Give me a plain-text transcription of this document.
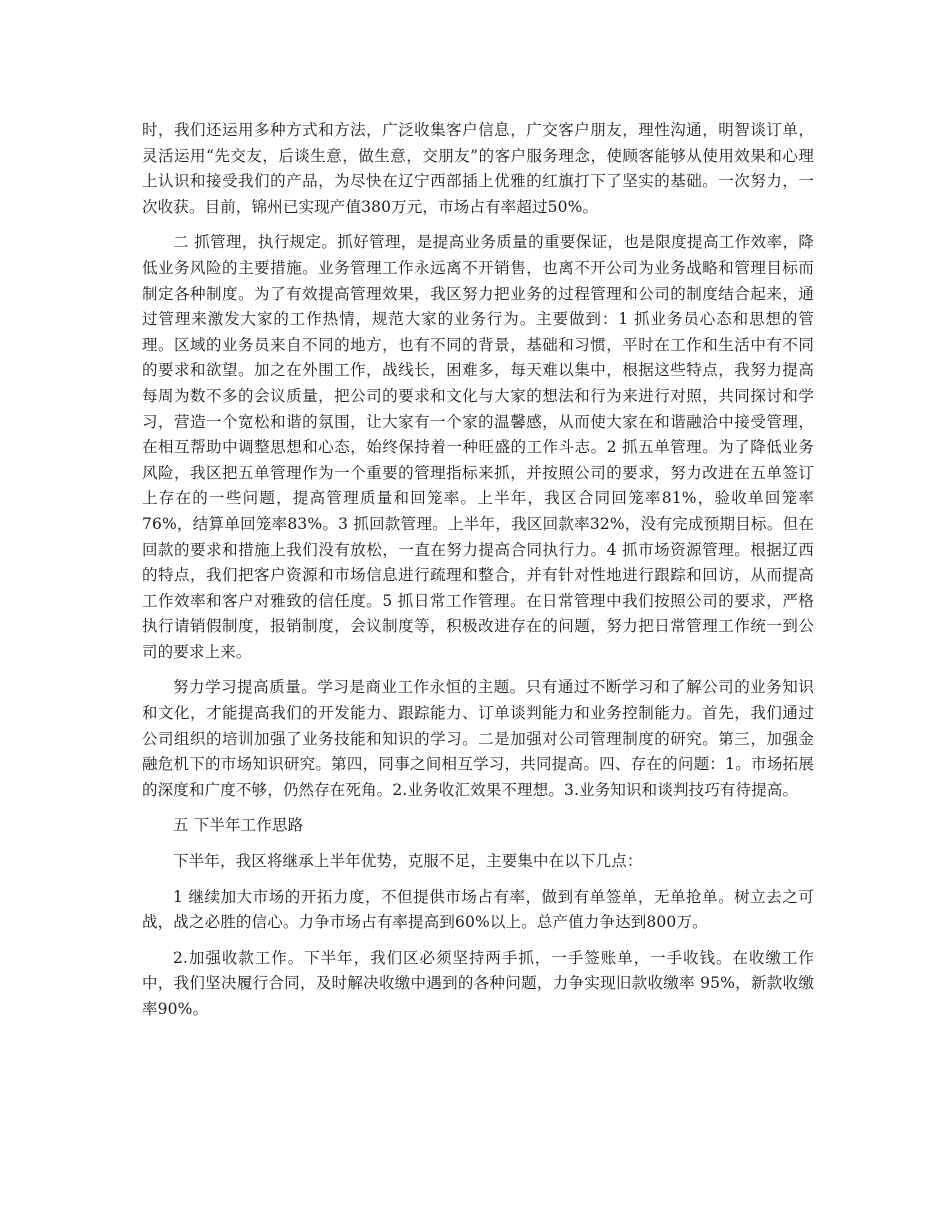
时，我们还运用多种方式和方法，广泛收集客户信息，广交客户朋友，理性沟通，明智谈订单，灵活运用“先交友，后谈生意，做生意，交朋友”的客户服务理念，使顾客能够从使用效果和心理上认识和接受我们的产品，为尽快在辽宁西部插上优雅的红旗打下了坚实的基础。一次努力，一次收获。目前，锦州已实现产值380万元，市场占有率超过50%。

二 抓管理，执行规定。抓好管理，是提高业务质量的重要保证，也是限度提高工作效率，降低业务风险的主要措施。业务管理工作永远离不开销售，也离不开公司为业务战略和管理目标而制定各种制度。为了有效提高管理效果，我区努力把业务的过程管理和公司的制度结合起来，通过管理来激发大家的工作热情，规范大家的业务行为。主要做到：1 抓业务员心态和思想的管理。区域的业务员来自不同的地方，也有不同的背景，基础和习惯，平时在工作和生活中有不同的要求和欲望。加之在外围工作，战线长，困难多，每天难以集中，根据这些特点，我努力提高每周为数不多的会议质量，把公司的要求和文化与大家的想法和行为来进行对照，共同探讨和学习，营造一个宽松和谐的氛围，让大家有一个家的温馨感，从而使大家在和谐融洽中接受管理，在相互帮助中调整思想和心态，始终保持着一种旺盛的工作斗志。2 抓五单管理。为了降低业务风险，我区把五单管理作为一个重要的管理指标来抓，并按照公司的要求，努力改进在五单签订上存在的一些问题，提高管理质量和回笼率。上半年，我区合同回笼率81%，验收单回笼率76%，结算单回笼率83%。3 抓回款管理。上半年，我区回款率32%，没有完成预期目标。但在回款的要求和措施上我们没有放松，一直在努力提高合同执行力。4 抓市场资源管理。根据辽西的特点，我们把客户资源和市场信息进行疏理和整合，并有针对性地进行跟踪和回访，从而提高工作效率和客户对雅致的信任度。5 抓日常工作管理。在日常管理中我们按照公司的要求，严格执行请销假制度，报销制度，会议制度等，积极改进存在的问题，努力把日常管理工作统一到公司的要求上来。

努力学习提高质量。学习是商业工作永恒的主题。只有通过不断学习和了解公司的业务知识和文化，才能提高我们的开发能力、跟踪能力、订单谈判能力和业务控制能力。首先，我们通过公司组织的培训加强了业务技能和知识的学习。二是加强对公司管理制度的研究。第三，加强金融危机下的市场知识研究。第四，同事之间相互学习，共同提高。四、存在的问题：1。市场拓展的深度和广度不够，仍然存在死角。2.业务收汇效果不理想。3.业务知识和谈判技巧有待提高。

五 下半年工作思路

下半年，我区将继承上半年优势，克服不足，主要集中在以下几点：

1 继续加大市场的开拓力度，不但提供市场占有率，做到有单签单，无单抢单。树立去之可战，战之必胜的信心。力争市场占有率提高到60%以上。总产值力争达到800万。

2.加强收款工作。下半年，我们区必须坚持两手抓，一手签账单，一手收钱。在收缴工作中，我们坚决履行合同，及时解决收缴中遇到的各种问题，力争实现旧款收缴率 95%，新款收缴率90%。
